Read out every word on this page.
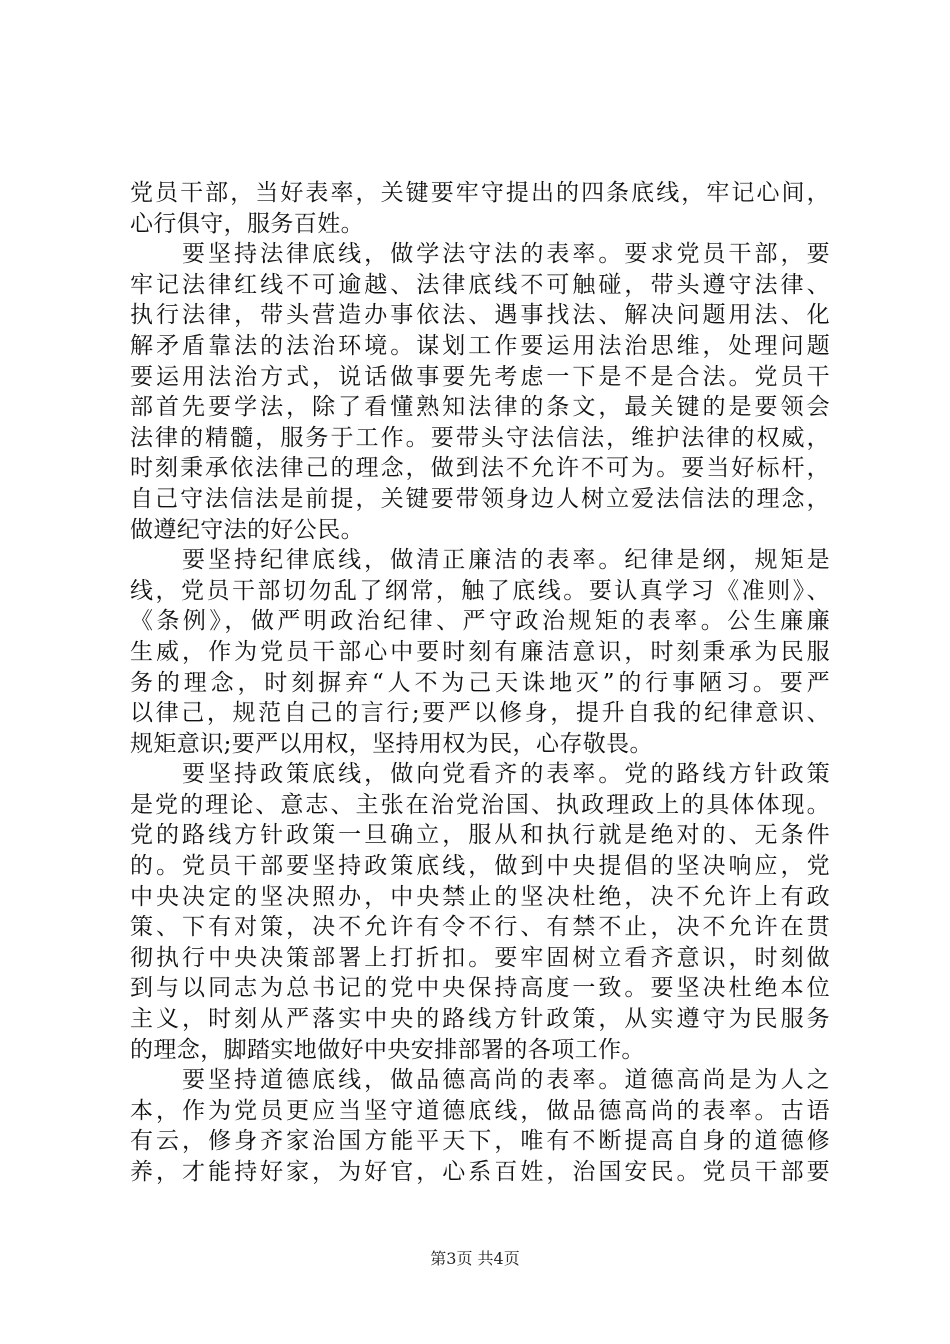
党员干部，当好表率，关键要牢守提出的四条底线，牢记心间，
心行俱守，服务百姓。
要坚持法律底线，做学法守法的表率。要求党员干部，要
牢记法律红线不可逾越、法律底线不可触碰，带头遵守法律、
执行法律，带头营造办事依法、遇事找法、解决问题用法、化
解矛盾靠法的法治环境。谋划工作要运用法治思维，处理问题
要运用法治方式，说话做事要先考虑一下是不是合法。党员干
部首先要学法，除了看懂熟知法律的条文，最关键的是要领会
法律的精髓，服务于工作。要带头守法信法，维护法律的权威，
时刻秉承依法律己的理念，做到法不允许不可为。要当好标杆，
自己守法信法是前提，关键要带领身边人树立爱法信法的理念，
做遵纪守法的好公民。
要坚持纪律底线，做清正廉洁的表率。纪律是纲，规矩是
线，党员干部切勿乱了纲常，触了底线。要认真学习《准则》、
《条例》，做严明政治纪律、严守政治规矩的表率。公生廉廉
生威，作为党员干部心中要时刻有廉洁意识，时刻秉承为民服
务的理念，时刻摒弃“人不为己天诛地灭”的行事陋习。要严
以律己，规范自己的言行;要严以修身，提升自我的纪律意识、
规矩意识;要严以用权，坚持用权为民，心存敬畏。
要坚持政策底线，做向党看齐的表率。党的路线方针政策
是党的理论、意志、主张在治党治国、执政理政上的具体体现。
党的路线方针政策一旦确立，服从和执行就是绝对的、无条件
的。党员干部要坚持政策底线，做到中央提倡的坚决响应，党
中央决定的坚决照办，中央禁止的坚决杜绝，决不允许上有政
策、下有对策，决不允许有令不行、有禁不止，决不允许在贯
彻执行中央决策部署上打折扣。要牢固树立看齐意识，时刻做
到与以同志为总书记的党中央保持高度一致。要坚决杜绝本位
主义，时刻从严落实中央的路线方针政策，从实遵守为民服务
的理念，脚踏实地做好中央安排部署的各项工作。
要坚持道德底线，做品德高尚的表率。道德高尚是为人之
本，作为党员更应当坚守道德底线，做品德高尚的表率。古语
有云，修身齐家治国方能平天下，唯有不断提高自身的道德修
养，才能持好家，为好官，心系百姓，治国安民。党员干部要
第3页 共4页
